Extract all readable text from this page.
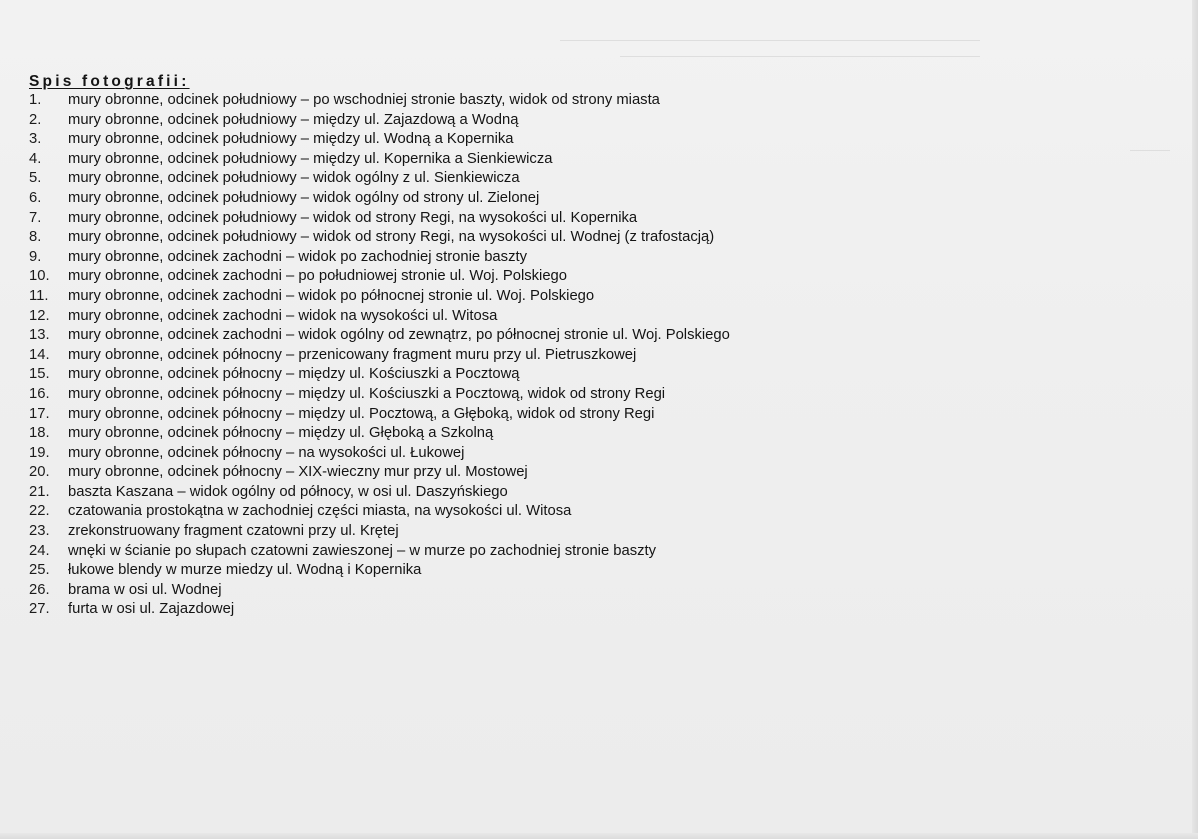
Spis fotografii:
1. mury obronne, odcinek południowy – po wschodniej stronie baszty, widok od strony miasta
2. mury obronne, odcinek południowy – między ul. Zajazdową a Wodną
3. mury obronne, odcinek południowy – między ul. Wodną a Kopernika
4. mury obronne, odcinek południowy – między ul. Kopernika a Sienkiewicza
5. mury obronne, odcinek południowy – widok ogólny z ul. Sienkiewicza
6. mury obronne, odcinek południowy – widok ogólny od strony ul. Zielonej
7. mury obronne, odcinek południowy – widok od strony Regi, na wysokości ul. Kopernika
8. mury obronne, odcinek południowy – widok od strony Regi, na wysokości ul. Wodnej (z trafostacją)
9. mury obronne, odcinek zachodni – widok po zachodniej stronie baszty
10. mury obronne, odcinek zachodni – po południowej stronie ul. Woj. Polskiego
11. mury obronne, odcinek zachodni – widok po północnej stronie ul. Woj. Polskiego
12. mury obronne, odcinek zachodni – widok na wysokości ul. Witosa
13. mury obronne, odcinek zachodni – widok ogólny od zewnątrz, po północnej stronie ul. Woj. Polskiego
14. mury obronne, odcinek północny – przenicowany fragment muru przy ul. Pietruszkowej
15. mury obronne, odcinek północny – między ul. Kościuszki a Pocztową
16. mury obronne, odcinek północny – między ul. Kościuszki a Pocztową, widok od strony Regi
17. mury obronne, odcinek północny – między ul. Pocztową, a Głęboką, widok od strony Regi
18. mury obronne, odcinek północny – między ul. Głęboką a Szkolną
19. mury obronne, odcinek północny – na wysokości ul. Łukowej
20. mury obronne, odcinek północny – XIX-wieczny mur przy ul. Mostowej
21. baszta Kaszana – widok ogólny od północy, w osi ul. Daszyńskiego
22. czatowania prostokątna w zachodniej części miasta, na wysokości ul. Witosa
23. zrekonstruowany fragment czatowni przy ul. Krętej
24. wnęki w ścianie po słupach czatowni zawieszonej – w murze po zachodniej stronie baszty
25. łukowe blendy w murze miedzy ul. Wodną i Kopernika
26. brama w osi ul. Wodnej
27. furta w osi ul. Zajazdowej
